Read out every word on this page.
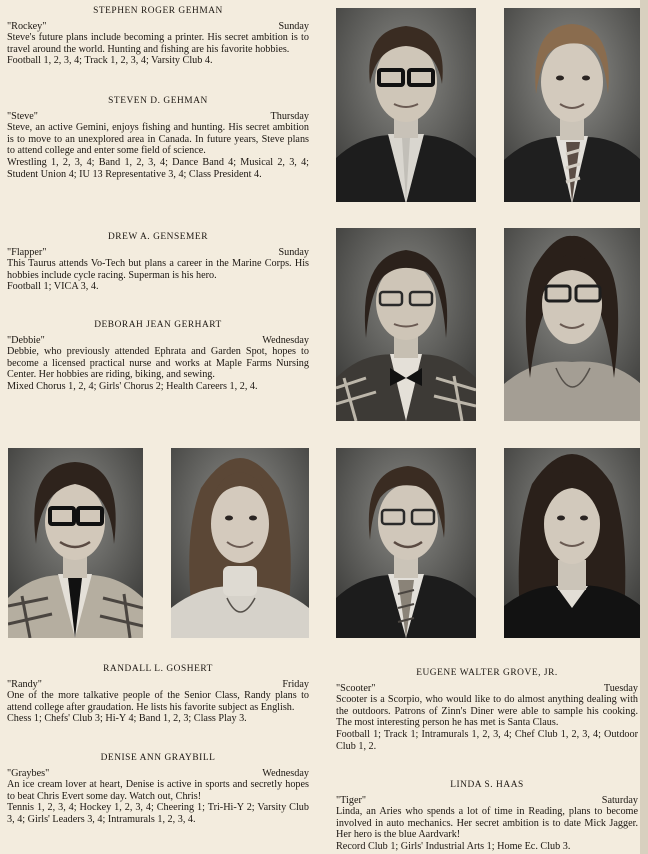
STEPHEN ROGER GEHMAN
"Rockey"	Sunday
Steve's future plans include becoming a printer. His secret ambition is to travel around the world. Hunting and fishing are his favorite hobbies.
Football 1, 2, 3, 4; Track 1, 2, 3, 4; Varsity Club 4.
STEVEN D. GEHMAN
"Steve"	Thursday
Steve, an active Gemini, enjoys fishing and hunting. His secret ambition is to move to an unexplored area in Canada. In future years, Steve plans to attend college and enter some field of science.
Wrestling 1, 2, 3, 4; Band 1, 2, 3, 4; Dance Band 4; Musical 2, 3, 4; Student Union 4; IU 13 Representative 3, 4; Class President 4.
DREW A. GENSEMER
"Flapper"	Sunday
This Taurus attends Vo-Tech but plans a career in the Marine Corps. His hobbies include cycle racing. Superman is his hero.
Football 1; VICA 3, 4.
DEBORAH JEAN GERHART
"Debbie"	Wednesday
Debbie, who previously attended Ephrata and Garden Spot, hopes to become a licensed practical nurse and works at Maple Farms Nursing Center. Her hobbies are riding, biking, and sewing.
Mixed Chorus 1, 2, 4; Girls' Chorus 2; Health Careers 1, 2, 4.
RANDALL L. GOSHERT
"Randy"	Friday
One of the more talkative people of the Senior Class, Randy plans to attend college after graudation. He lists his favorite subject as English.
Chess 1; Chefs' Club 3; Hi-Y 4; Band 1, 2, 3; Class Play 3.
DENISE ANN GRAYBILL
"Graybes"	Wednesday
An ice cream lover at heart, Denise is active in sports and secretly hopes to beat Chris Evert some day. Watch out, Chris!
Tennis 1, 2, 3, 4; Hockey 1, 2, 3, 4; Cheering 1; Tri-Hi-Y 2; Varsity Club 3, 4; Girls' Leaders 3, 4; Intramurals 1, 2, 3, 4.
EUGENE WALTER GROVE, JR.
"Scooter"	Tuesday
Scooter is a Scorpio, who would like to do almost anything dealing with the outdoors. Patrons of Zinn's Diner were able to sample his cooking. The most interesting person he has met is Santa Claus.
Football 1; Track 1; Intramurals 1, 2, 3, 4; Chef Club 1, 2, 3, 4; Outdoor Club 1, 2.
LINDA S. HAAS
"Tiger"	Saturday
Linda, an Aries who spends a lot of time in Reading, plans to become involved in auto mechanics. Her secret ambition is to date Mick Jagger. Her hero is the blue Aardvark!
Record Club 1; Girls' Industrial Arts 1; Home Ec. Club 3.
